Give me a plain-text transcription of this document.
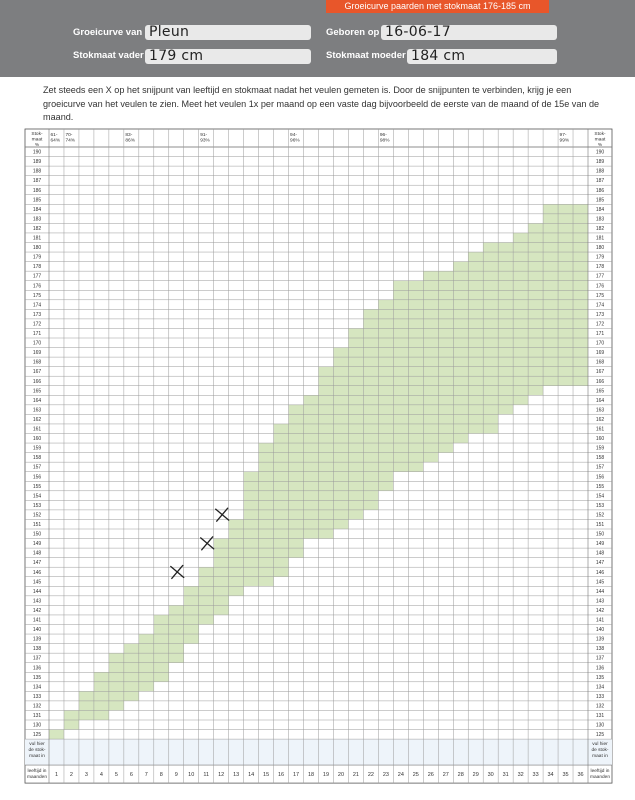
Groeicurve paarden met stokmaat 176-185 cm
Groeicurve van Pleun	Geboren op 16-06-17
Stokmaat vader 179 cm	Stokmaat moeder 184 cm
Zet steeds een X op het snijpunt van leeftijd en stokmaat nadat het veulen gemeten is. Door de snijpunten te verbinden, krijg je een groeicurve van het veulen te zien. Meet het veulen 1x per maand op een vaste dag bijvoorbeeld de eerste van de maand of de 15e van de maand.
Stok-
maat
%
Stok-
maat
%
61-
64%
70-
74%
83-
86%
91-
93%
94-
96%
96-
98%
97-
99%
190	190
189	189
188	188
187	187
186	186
185	185
184	184
183	183
182	182
181	181
180	180
179	179
178	178
177	177
176	176
175	175
174	174
173	173
172	172
171	171
170	170
169	169
168	168
167	167
166	166
165	165
164	164
163	163
162	162
161	161
160	160
159	159
158	158
157	157
156	156
155	155
154	154
153	153
152	152
151	151
150	150
149	149
148	148
147	147
146	146
145	145
144	144
143	143
142	142
141	141
140	140
139	139
138	138
137	137
136	136
135	135
134	134
133	133
132	132
131	131
130	130
125	125
vul hier	vul hier
de stok-	de stok-
maat in	maat in
leeftijd in	leeftijd in
maanden	maanden
1 2 3 4 5 6 7 8 9 10 11 12 13 14 15 16 17 18 19 20 21 22 23 24 25 26 27 28 29 30 31 32 33 34 35 36
